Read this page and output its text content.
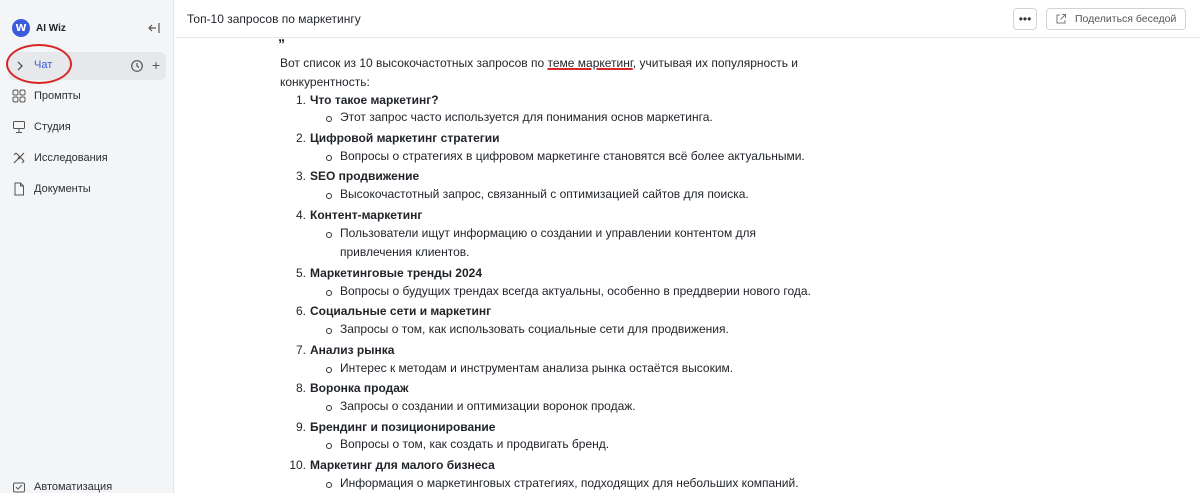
W AI Wiz
Чат	+
Промпты
Студия
Исследования
Документы
Автоматизация
Топ-10 запросов по маркетингу	•••	Поделиться беседой
„
Вот список из 10 высокочастотных запросов по теме маркетинг, учитывая их популярность и конкурентность:
1. Что такое маркетинг?
Этот запрос часто используется для понимания основ маркетинга.
2. Цифровой маркетинг стратегии
Вопросы о стратегиях в цифровом маркетинге становятся всё более актуальными.
3. SEO продвижение
Высокочастотный запрос, связанный с оптимизацией сайтов для поиска.
4. Контент-маркетинг
Пользователи ищут информацию о создании и управлении контентом для привлечения клиентов.
5. Маркетинговые тренды 2024
Вопросы о будущих трендах всегда актуальны, особенно в преддверии нового года.
6. Социальные сети и маркетинг
Запросы о том, как использовать социальные сети для продвижения.
7. Анализ рынка
Интерес к методам и инструментам анализа рынка остаётся высоким.
8. Воронка продаж
Запросы о создании и оптимизации воронок продаж.
9. Брендинг и позиционирование
Вопросы о том, как создать и продвигать бренд.
10. Маркетинг для малого бизнеса
Информация о маркетинговых стратегиях, подходящих для небольших компаний.
